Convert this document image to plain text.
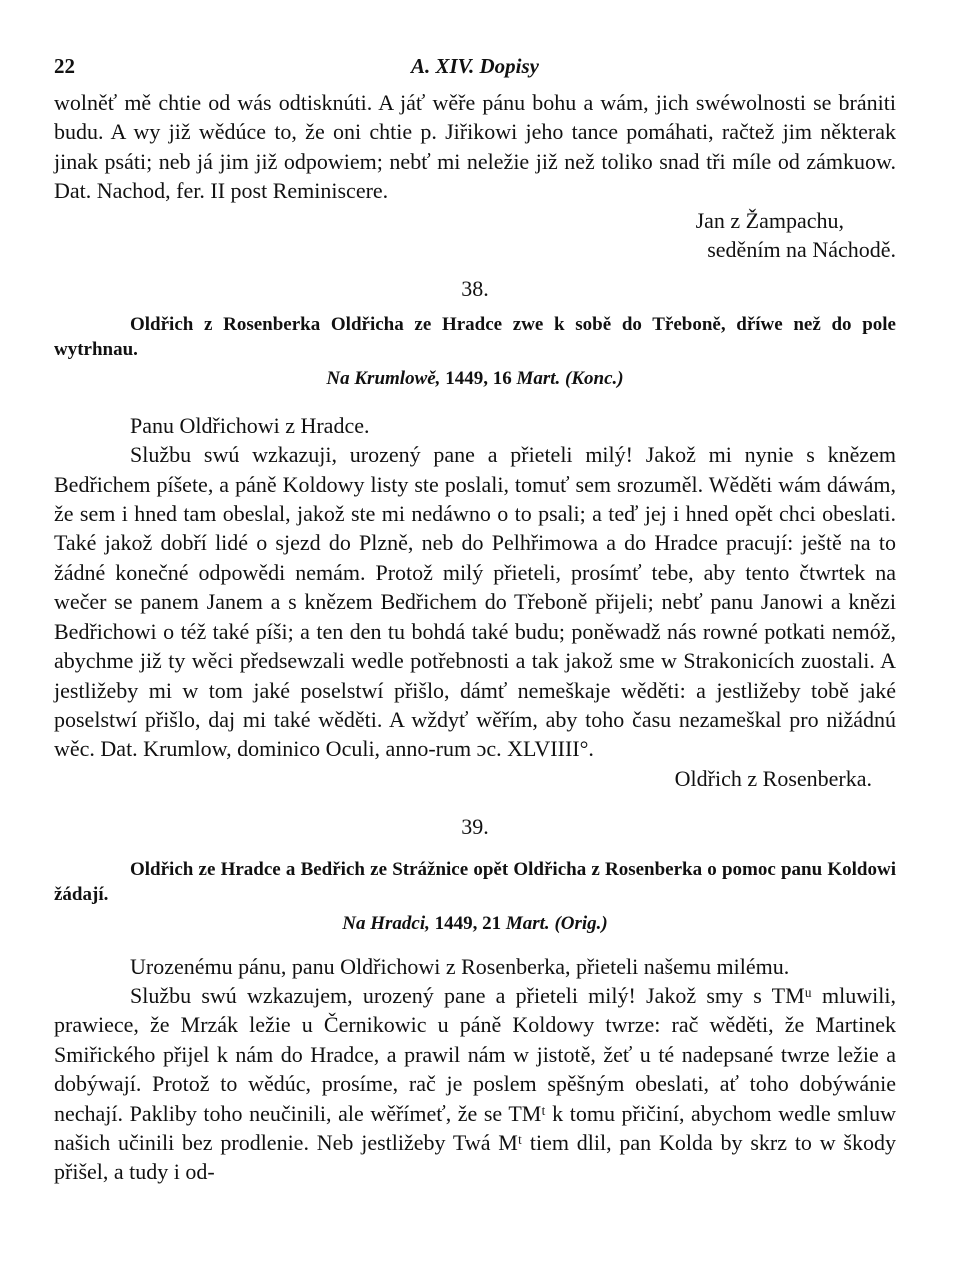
22	A. XIV. Dopisy

wolněť mě chtie od wás odtisknúti. A jáť wěře pánu bohu a wám, jich swéwolnosti se brániti budu. A wy již wědúce to, že oni chtie p. Jiřikowi jeho tance pomáhati, račtež jim některak jinak psáti; neb já jim již odpowiem; nebť mi neležie již než toliko snad tři míle od zámkuow. Dat. Nachod, fer. II post Reminiscere.

Jan z Žampachu,

seděním na Náchodě.

38.

Oldřich z Rosenberka Oldřicha ze Hradce zwe k sobě do Třeboně, dříwe než do pole wytrhnau.

Na Krumlowě, 1449, 16 Mart. (Konc.)

Panu Oldřichowi z Hradce.

Službu swú wzkazuji, urozený pane a přieteli milý! Jakož mi nynie s knězem Bedřichem píšete, a páně Koldowy listy ste poslali, tomuť sem srozuměl. Wěděti wám dáwám, že sem i hned tam obeslal, jakož ste mi nedáwno o to psali; a teď jej i hned opět chci obeslati. Také jakož dobří lidé o sjezd do Plzně, neb do Pelhřimowa a do Hradce pracují: ještě na to žádné konečné odpowědi nemám. Protož milý přieteli, prosímť tebe, aby tento čtwrtek na wečer se panem Janem a s knězem Bedřichem do Třeboně přijeli; nebť panu Janowi a knězi Bedřichowi o též také píši; a ten den tu bohdá také budu; poněwadž nás rowné potkati nemóž, abychme již ty wěci předsewzali wedle potřebnosti a tak jakož sme w Strakonicích zuostali. A jestližeby mi w tom jaké poselstwí přišlo, dámť nemeškaje wěděti: a jestližeby tobě jaké poselstwí přišlo, daj mi také wěděti. A wždyť wěřím, aby toho času nezameškal pro nižádnú wěc. Dat. Krumlow, dominico Oculi, anno-rum ɔc. XLVIIII°.

Oldřich z Rosenberka.

39.

Oldřich ze Hradce a Bedřich ze Strážnice opět Oldřicha z Rosenberka o pomoc panu Koldowi žádají.

Na Hradci, 1449, 21 Mart. (Orig.)

Urozenému pánu, panu Oldřichowi z Rosenberka, přieteli našemu milému.

Službu swú wzkazujem, urozený pane a přieteli milý! Jakož smy s TMᵘ mluwili, prawiece, že Mrzák ležie u Černikowic u páně Koldowy twrze: rač wěděti, že Martinek Smiřického přijel k nám do Hradce, a prawil nám w jistotě, žeť u té nadepsané twrze ležie a dobýwají. Protož to wědúc, prosíme, rač je poslem spěšným obeslati, ať toho dobýwánie nechají. Pakliby toho neučinili, ale wěřímeť, že se TMᵗ k tomu přičiní, abychom wedle smluw našich učinili bez prodlenie. Neb jestližeby Twá Mᵗ tiem dlil, pan Kolda by skrz to w škody přišel, a tudy i od-
